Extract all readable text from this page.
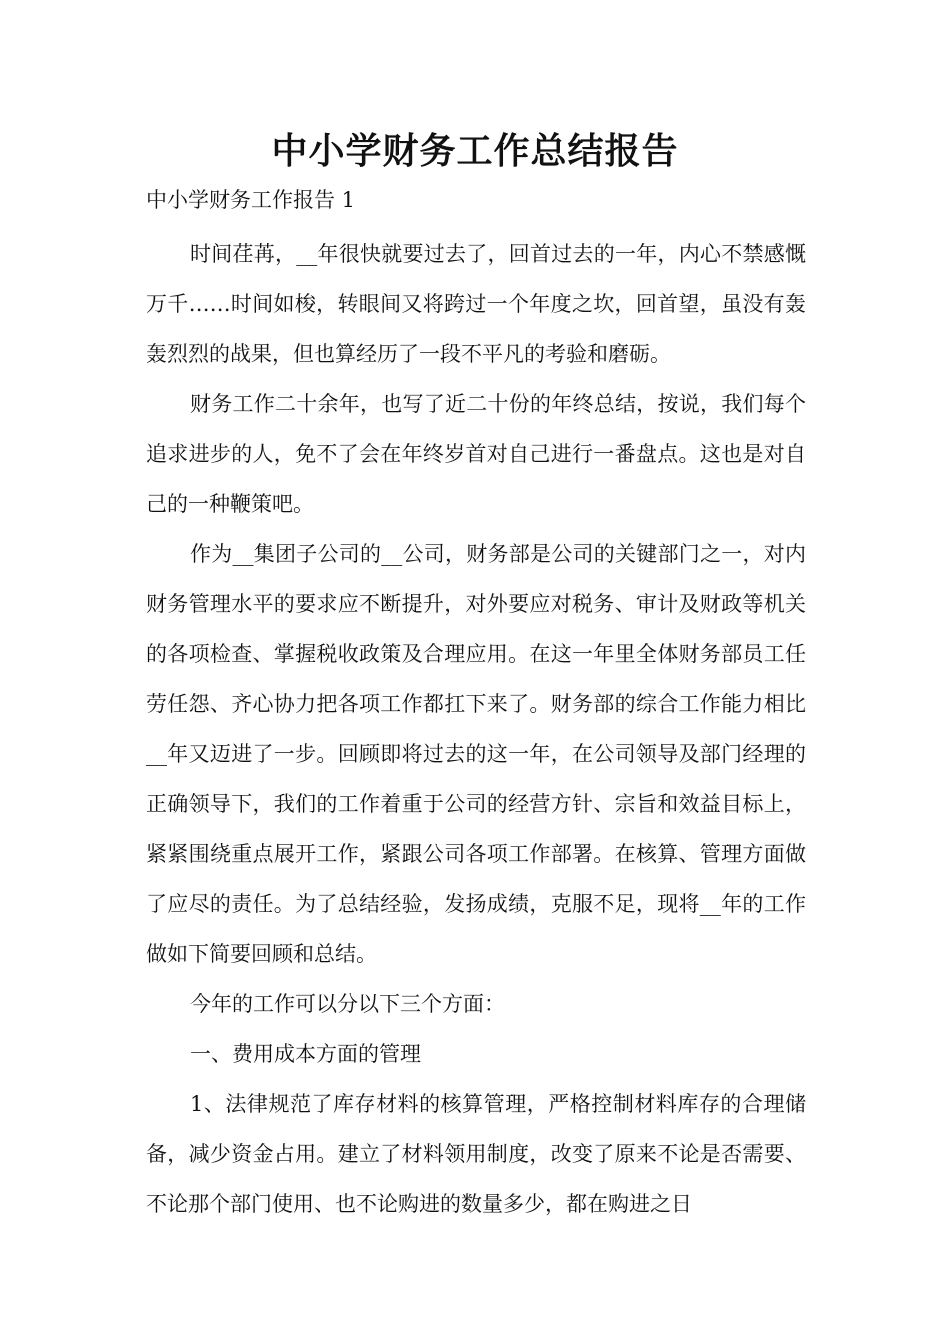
中小学财务工作总结报告

中小学财务工作报告 1

时间荏苒，__年很快就要过去了，回首过去的一年，内心不禁感慨万千……时间如梭，转眼间又将跨过一个年度之坎，回首望，虽没有轰轰烈烈的战果，但也算经历了一段不平凡的考验和磨砺。

财务工作二十余年，也写了近二十份的年终总结，按说，我们每个追求进步的人，免不了会在年终岁首对自己进行一番盘点。这也是对自己的一种鞭策吧。

作为__集团子公司的__公司，财务部是公司的关键部门之一，对内财务管理水平的要求应不断提升，对外要应对税务、审计及财政等机关的各项检查、掌握税收政策及合理应用。在这一年里全体财务部员工任劳任怨、齐心协力把各项工作都扛下来了。财务部的综合工作能力相比__年又迈进了一步。回顾即将过去的这一年，在公司领导及部门经理的正确领导下，我们的工作着重于公司的经营方针、宗旨和效益目标上，紧紧围绕重点展开工作，紧跟公司各项工作部署。在核算、管理方面做了应尽的责任。为了总结经验，发扬成绩，克服不足，现将__年的工作做如下简要回顾和总结。

今年的工作可以分以下三个方面：

一、费用成本方面的管理

1、法律规范了库存材料的核算管理，严格控制材料库存的合理储备，减少资金占用。建立了材料领用制度，改变了原来不论是否需要、不论那个部门使用、也不论购进的数量多少，都在购进之日
